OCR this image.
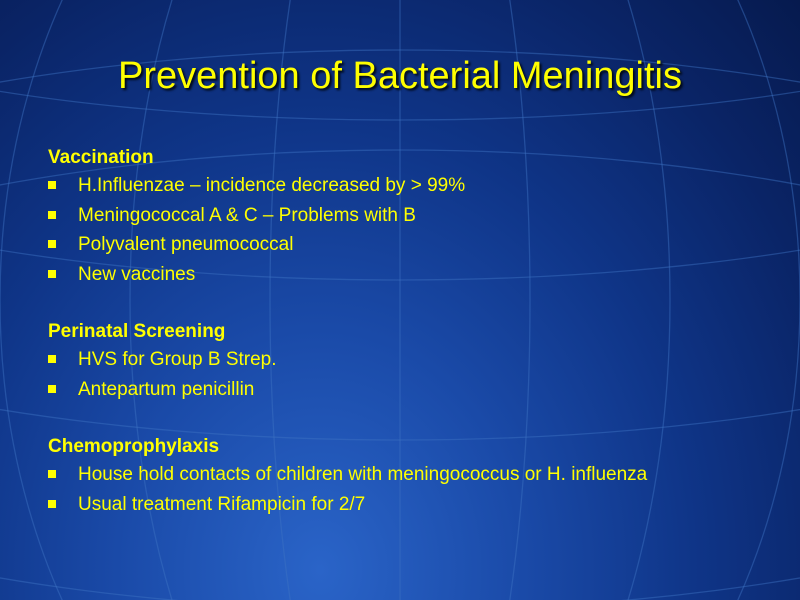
Prevention of Bacterial Meningitis

Vaccination

H.Influenzae – incidence decreased by > 99%
Meningococcal A & C – Problems with B
Polyvalent pneumococcal
New vaccines

Perinatal Screening

HVS for Group B Strep.
Antepartum penicillin

Chemoprophylaxis

House hold contacts of children with meningococcus or H. influenza
Usual treatment Rifampicin for 2/7
